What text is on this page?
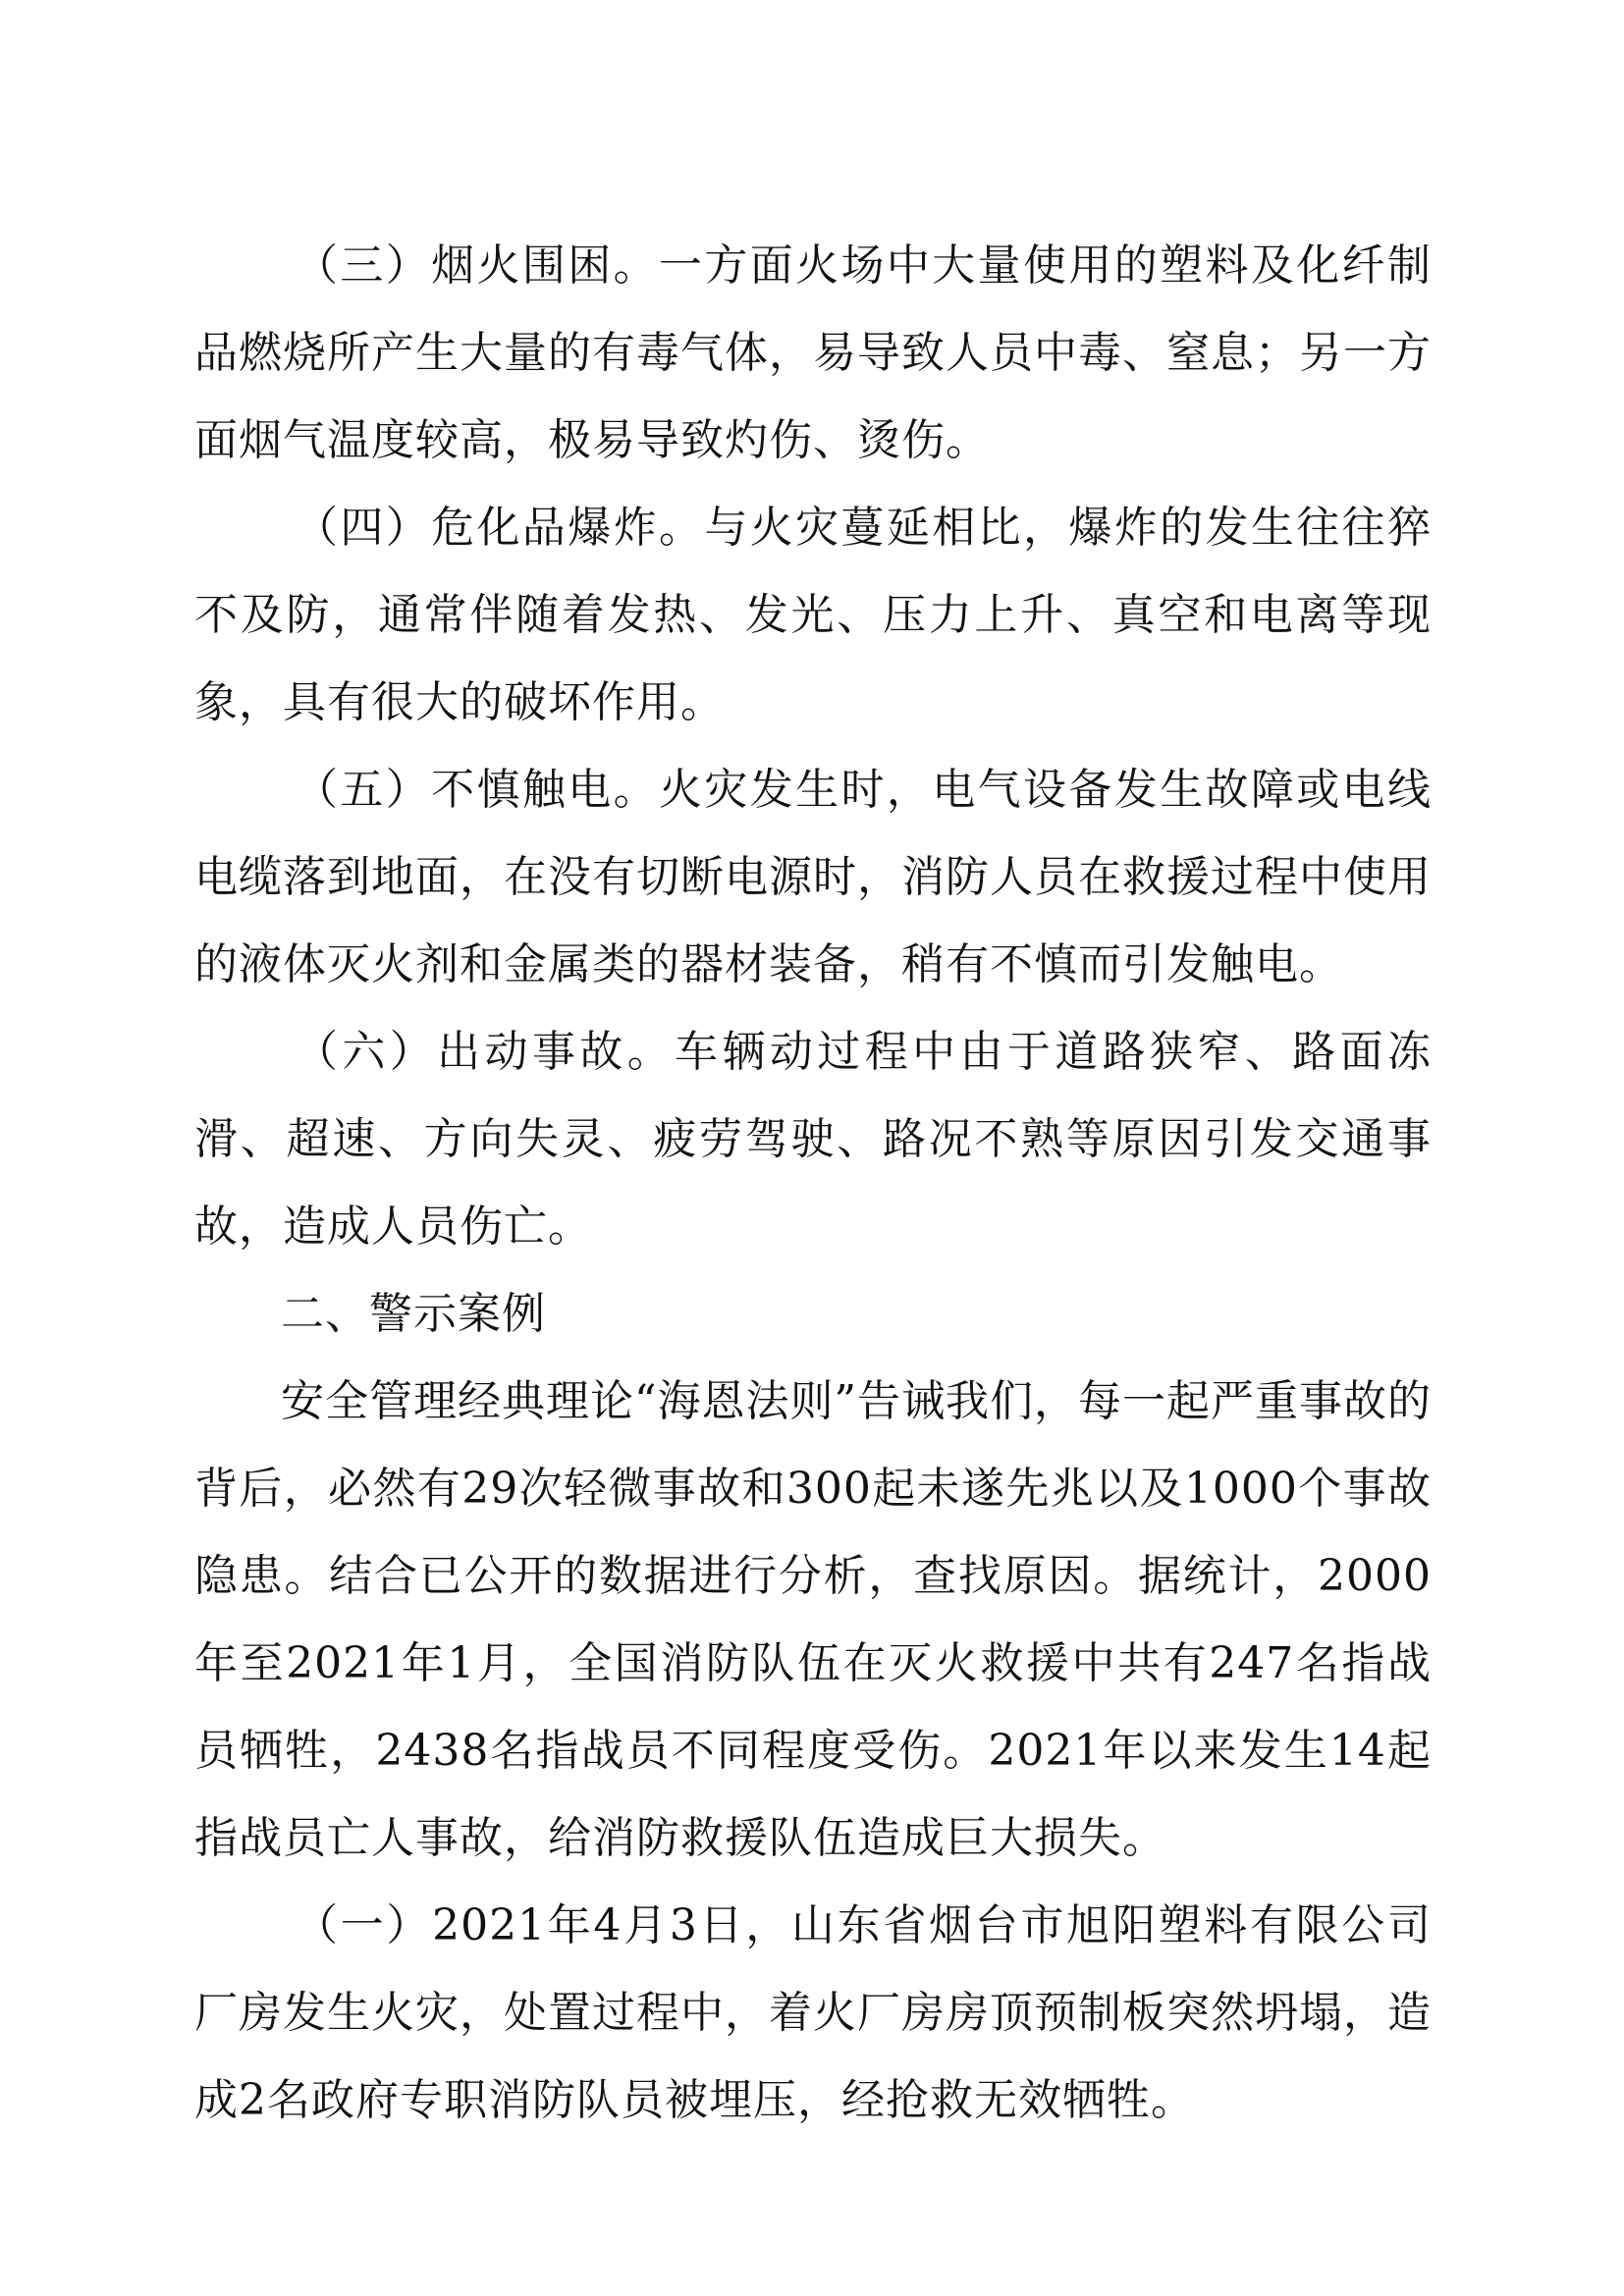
（三）烟火围困。一方面火场中大量使用的塑料及化纤制品燃烧所产生大量的有毒气体，易导致人员中毒、窒息；另一方面烟气温度较高，极易导致灼伤、烫伤。

（四）危化品爆炸。与火灾蔓延相比，爆炸的发生往往猝不及防，通常伴随着发热、发光、压力上升、真空和电离等现象，具有很大的破坏作用。

（五）不慎触电。火灾发生时，电气设备发生故障或电线电缆落到地面，在没有切断电源时，消防人员在救援过程中使用的液体灭火剂和金属类的器材装备，稍有不慎而引发触电。

（六）出动事故。车辆动过程中由于道路狭窄、路面冻滑、超速、方向失灵、疲劳驾驶、路况不熟等原因引发交通事故，造成人员伤亡。

二、警示案例

安全管理经典理论“海恩法则”告诫我们，每一起严重事故的背后，必然有29次轻微事故和300起未遂先兆以及1000个事故隐患。结合已公开的数据进行分析，查找原因。据统计，2000年至2021年1月，全国消防队伍在灭火救援中共有247名指战员牺牲，2438名指战员不同程度受伤。2021年以来发生14起指战员亡人事故，给消防救援队伍造成巨大损失。

（一）2021年4月3日，山东省烟台市旭阳塑料有限公司厂房发生火灾，处置过程中，着火厂房房顶预制板突然坍塌，造成2名政府专职消防队员被埋压，经抢救无效牺牲。
